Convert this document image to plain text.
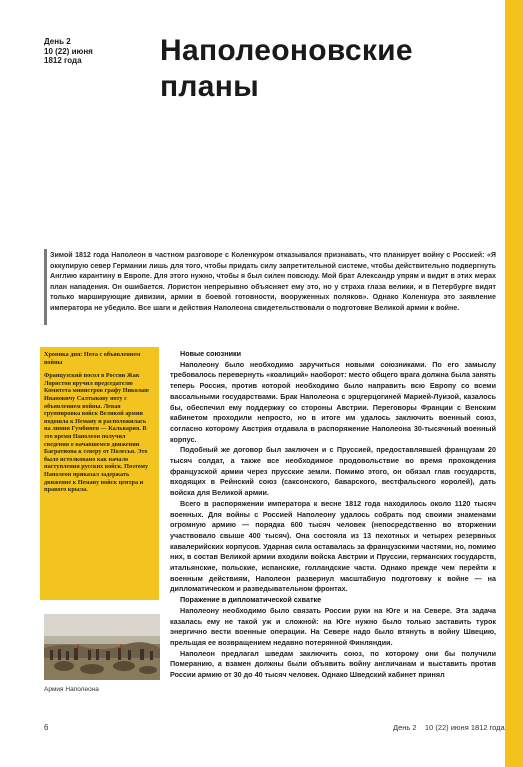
День 2
10 (22) июня
1812 года	Наполеоновские
планы
Зимой 1812 года Наполеон в частном разговоре с Коленкуром отказывался признавать, что планирует войну с Россией: «Я оккупирую север Германии лишь для того, чтобы придать силу запретительной системе, чтобы действительно подвергнуть Англию карантину в Европе. Для этого нужно, чтобы я был силен повсюду. Мой брат Александр упрям и видит в этих мерах план нападения. Он ошибается. Лористон непрерывно объясняет ему это, но у страха глаза велики, и в Петербурге видят только марширующие дивизии, армии в боевой готовности, вооруженных поляков». Однако Коленкура это заявление императора не убедило. Все шаги и действия Наполеона свидетельствовали о подготовке Великой армии к войне.
Хроника дня: Нота с объявлением войны
Французский посол в России Жак Лористон вручил председателю Комитета министров графу Николаю Ивановичу Салтыкову ноту с объявлением войны. Левая группировка войск Великой армии подошла к Неману и расположилась на линии Гумбинен — Кальвария. В это время Наполеон получил сведения о начавшемся движении Багратиона к северу от Полесья. Это было истолковано как начало наступления русских войск. Поэтому Наполеон приказал задержать движение к Неману войск центра и правого крыла.
Армия Наполеона

Новые союзники

Наполеону было необходимо заручиться новыми союзниками. По его замыслу требовалось перевернуть «коалиций» наоборот: место общего врага должна была занять теперь Россия, против которой необходимо было направить всю Европу со всеми вассальными государствами. Брак Наполеона с эрцгерцогиней Марией-Луизой, казалось бы, обеспечил ему поддержку со стороны Австрии. Переговоры Франции с Венским кабинетом проходили непросто, но в итоге им удалось заключить военный союз, согласно которому Австрия отдавала в распоряжение Наполеона 30-тысячный военный корпус.

Подобный же договор был заключен и с Пруссией, предоставлявшей французам 20 тысяч солдат, а также все необходимое продовольствие во время прохождения французской армии через прусские земли. Помимо этого, он обязал глав государств, входящих в Рейнский союз (саксонского, баварского, вестфальского королей), дать войска для Великой армии.

Всего в распоряжении императора к весне 1812 года находилось около 1120 тысяч военных. Для войны с Россией Наполеону удалось собрать под своими знаменами огромную армию — порядка 600 тысяч человек (непосредственно во вторжении участвовало свыше 400 тысяч). Она состояла из 13 пехотных и четырех резервных кавалерийских корпусов. Ударная сила оставалась за французскими частями, но, помимо них, в состав Великой армии входили войска Австрии и Пруссии, германских государств, итальянские, польские, испанские, голландские части. Однако прежде чем перейти к военным действиям, Наполеон развернул масштабную подготовку к войне — на дипломатическом и разведывательном фронтах.

Поражение в дипломатической схватке

Наполеону необходимо было связать России руки на Юге и на Севере. Эта задача казалась ему не такой уж и сложной: на Юге нужно было только заставить турок энергично вести военные операции. На Севере надо было втянуть в войну Швецию, прельщая ее возвращением недавно потерянной Финляндии.

Наполеон предлагал шведам заключить союз, по которому они бы получили Померанию, а взамен должны были объявить войну англичанам и выставить против России армию от 30 до 40 тысяч человек. Однако Шведский кабинет принял

6	День 2    10 (22) июня 1812 года
